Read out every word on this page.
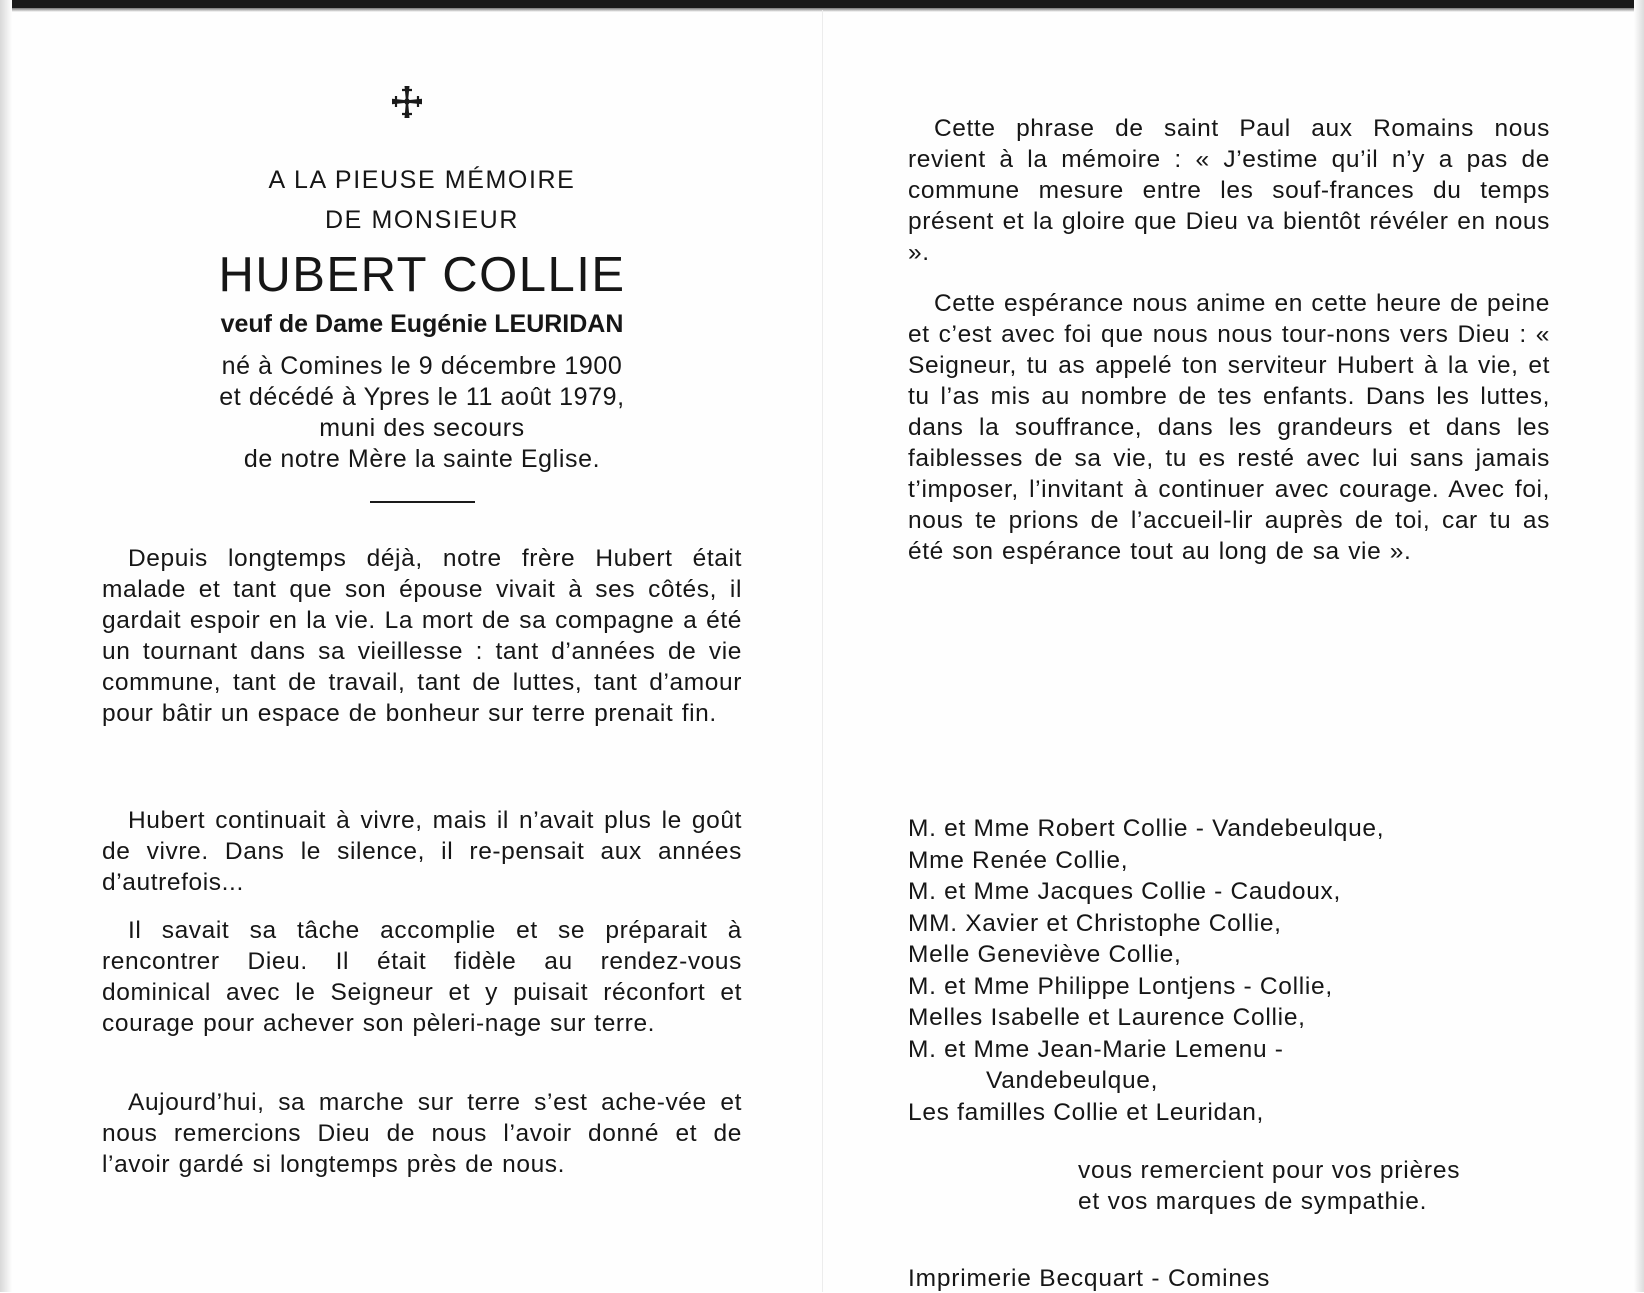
A LA PIEUSE MÉMOIRE
DE MONSIEUR
HUBERT COLLIE
veuf de Dame Eugénie LEURIDAN
né à Comines le 9 décembre 1900
et décédé à Ypres le 11 août 1979,
muni des secours
de notre Mère la sainte Eglise.

Depuis longtemps déjà, notre frère Hubert était malade et tant que son épouse vivait à ses côtés, il gardait espoir en la vie. La mort de sa compagne a été un tournant dans sa vieillesse : tant d’années de vie commune, tant de travail, tant de luttes, tant d’amour pour bâtir un espace de bonheur sur terre prenait fin.

Hubert continuait à vivre, mais il n’avait plus le goût de vivre. Dans le silence, il re-pensait aux années d’autrefois...

Il savait sa tâche accomplie et se préparait à rencontrer Dieu. Il était fidèle au rendez-vous dominical avec le Seigneur et y puisait réconfort et courage pour achever son pèleri-nage sur terre.

Aujourd’hui, sa marche sur terre s’est ache-vée et nous remercions Dieu de nous l’avoir donné et de l’avoir gardé si longtemps près de nous.

Cette phrase de saint Paul aux Romains nous revient à la mémoire : « J’estime qu’il n’y a pas de commune mesure entre les souf-frances du temps présent et la gloire que Dieu va bientôt révéler en nous ».

Cette espérance nous anime en cette heure de peine et c’est avec foi que nous nous tour-nons vers Dieu : « Seigneur, tu as appelé ton serviteur Hubert à la vie, et tu l’as mis au nombre de tes enfants. Dans les luttes, dans la souffrance, dans les grandeurs et dans les faiblesses de sa vie, tu es resté avec lui sans jamais t’imposer, l’invitant à continuer avec courage. Avec foi, nous te prions de l’accueil-lir auprès de toi, car tu as été son espérance tout au long de sa vie ».

M. et Mme Robert Collie - Vandebeulque,
Mme Renée Collie,
M. et Mme Jacques Collie - Caudoux,
MM. Xavier et Christophe Collie,
Melle Geneviève Collie,
M. et Mme Philippe Lontjens - Collie,
Melles Isabelle et Laurence Collie,
M. et Mme Jean-Marie Lemenu -
Vandebeulque,
Les familles Collie et Leuridan,
vous remercient pour vos prières
et vos marques de sympathie.
Imprimerie Becquart - Comines
